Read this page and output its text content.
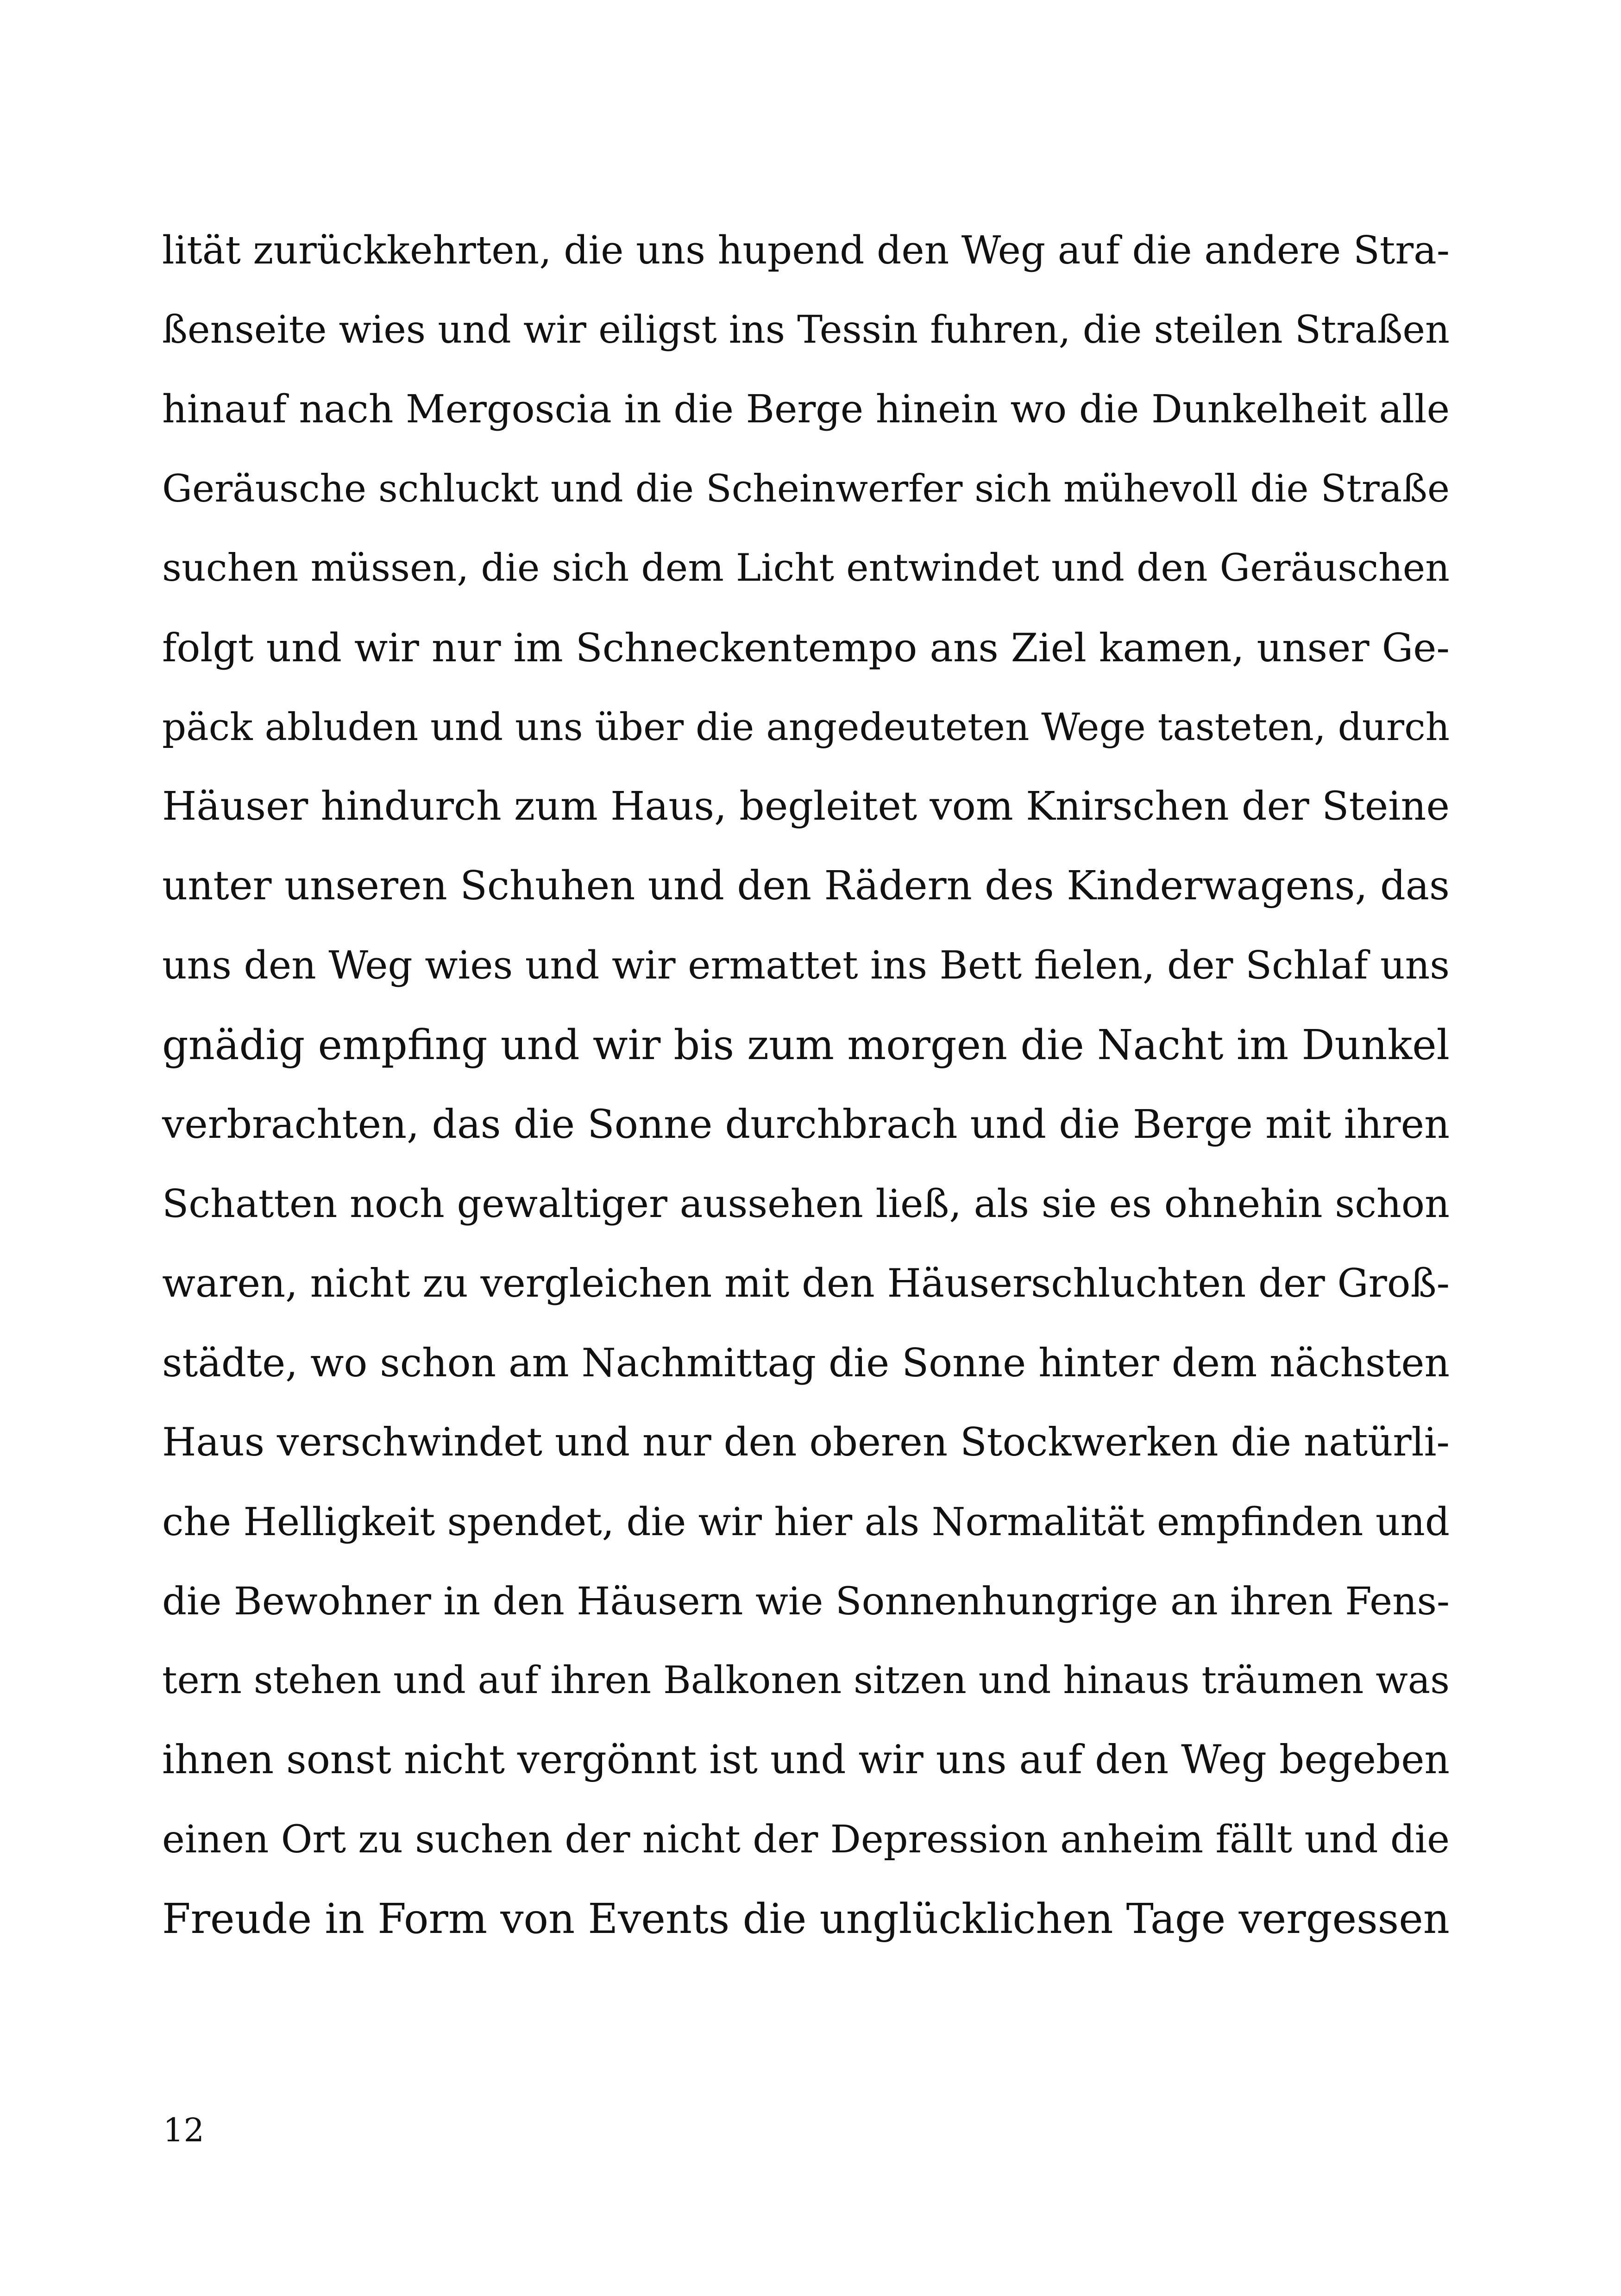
lität zurückkehrten, die uns hupend den Weg auf die andere Stra-
ßenseite wies und wir eiligst ins Tessin fuhren, die steilen Straßen
hinauf nach Mergoscia in die Berge hinein wo die Dunkelheit alle
Geräusche schluckt und die Scheinwerfer sich mühevoll die Straße
suchen müssen, die sich dem Licht entwindet und den Geräuschen
folgt und wir nur im Schneckentempo ans Ziel kamen, unser Ge-
päck abluden und uns über die angedeuteten Wege tasteten, durch
Häuser hindurch zum Haus, begleitet vom Knirschen der Steine
unter unseren Schuhen und den Rädern des Kinderwagens, das
uns den Weg wies und wir ermattet ins Bett fielen, der Schlaf uns
gnädig empfing und wir bis zum morgen die Nacht im Dunkel
verbrachten, das die Sonne durchbrach und die Berge mit ihren
Schatten noch gewaltiger aussehen ließ, als sie es ohnehin schon
waren, nicht zu vergleichen mit den Häuserschluchten der Groß-
städte, wo schon am Nachmittag die Sonne hinter dem nächsten
Haus verschwindet und nur den oberen Stockwerken die natürli-
che Helligkeit spendet, die wir hier als Normalität empfinden und
die Bewohner in den Häusern wie Sonnenhungrige an ihren Fens-
tern stehen und auf ihren Balkonen sitzen und hinaus träumen was
ihnen sonst nicht vergönnt ist und wir uns auf den Weg begeben
einen Ort zu suchen der nicht der Depression anheim fällt und die
Freude in Form von Events die unglücklichen Tage vergessen
12
